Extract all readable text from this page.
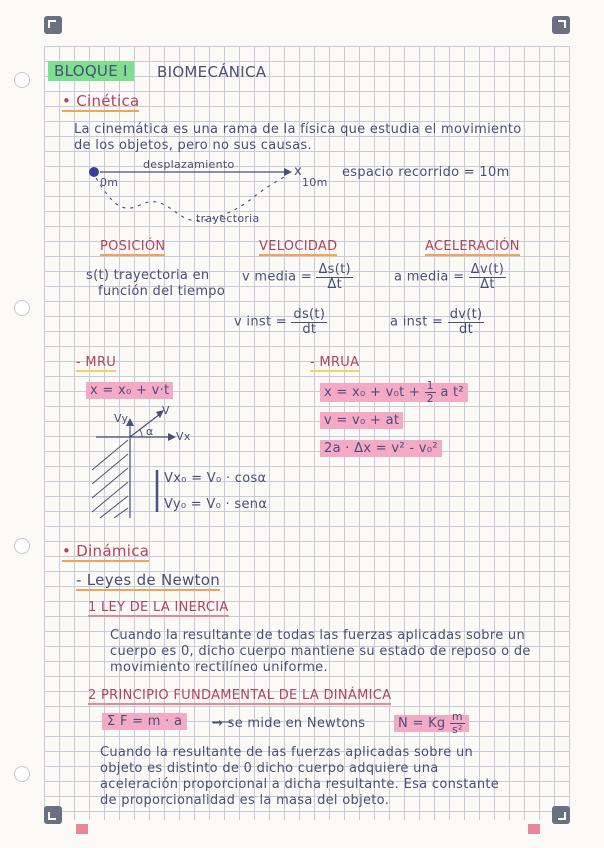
BLOQUE I	BIOMECÁNICA
• Cinética
La cinemática es una rama de la física que estudia el movimiento
de los objetos, pero no sus causas.
desplazamiento
0m
x
10m
trayectoria
espacio recorrido = 10m
POSICIÓN
s(t) trayectoria en
función del tiempo
VELOCIDAD
v media = $\frac{\Delta s(t)}{\Delta t}$
v inst = $\frac{ds(t)}{dt}$
ACELERACIÓN
a media = $\frac{\Delta v(t)}{\Delta t}$
a inst = $\frac{dv(t)}{dt}$
- MRU
x = x₀ + v·t
Vy
V
α Vx
Vx₀ = V₀ · cosα
Vy₀ = V₀ · senα
- MRUA
$x = x_0 + v_0t + \frac{1}{2}$ a t²
v = v₀ + at
2a · Δx = v² - v₀²
• Dinámica
- Leyes de Newton
1 LEY DE LA INERCIA
Cuando la resultante de todas las fuerzas aplicadas sobre un
cuerpo es 0, dicho cuerpo mantiene su estado de reposo o de
movimiento rectilíneo uniforme.
2 PRINCIPIO FUNDAMENTAL DE LA DINÁMICA
Σ F = m · a	→ se mide en Newtons	N = Kg $\frac{m}{\text{s²}}$
Cuando la resultante de las fuerzas aplicadas sobre un
objeto es distinto de 0 dicho cuerpo adquiere una
aceleración proporcional a dicha resultante. Esa constante
de proporcionalidad es la masa del objeto.
